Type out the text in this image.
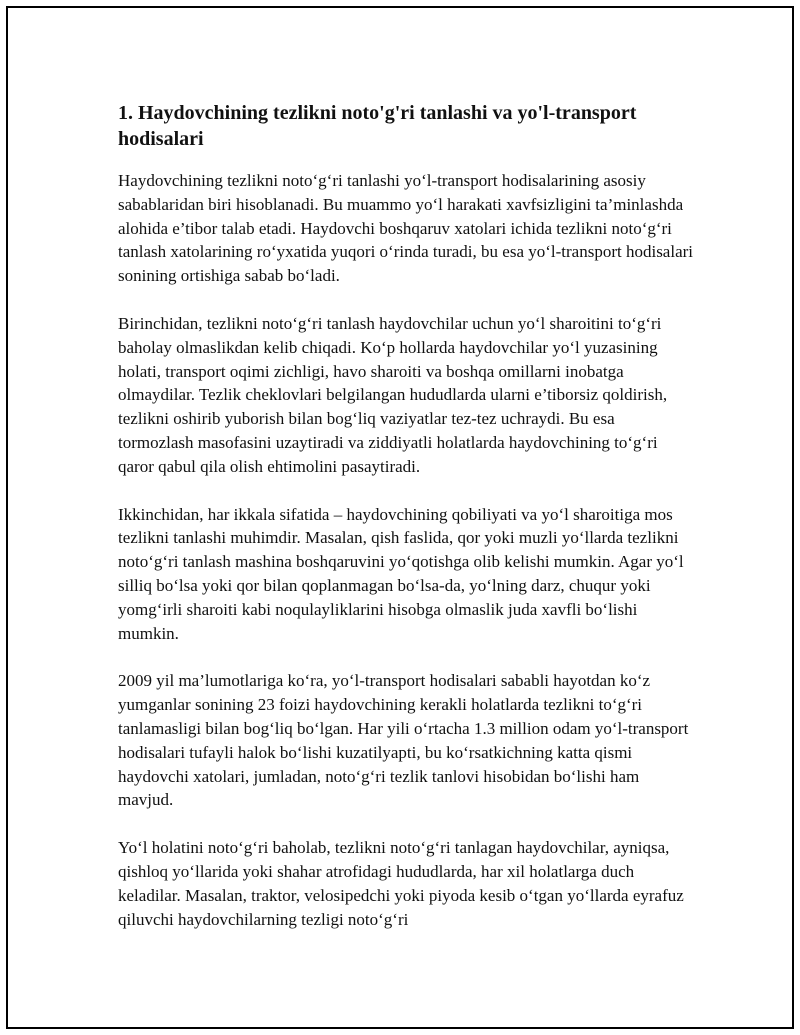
1. Haydovchining tezlikni noto'g'ri tanlashi va yo'l-transport hodisalari

Haydovchining tezlikni noto‘g‘ri tanlashi yo‘l-transport hodisalarining asosiy sabablaridan biri hisoblanadi. Bu muammo yo‘l harakati xavfsizligini ta’minlashda alohida e’tibor talab etadi. Haydovchi boshqaruv xatolari ichida tezlikni noto‘g‘ri tanlash xatolarining ro‘yxatida yuqori o‘rinda turadi, bu esa yo‘l-transport hodisalari sonining ortishiga sabab bo‘ladi.

Birinchidan, tezlikni noto‘g‘ri tanlash haydovchilar uchun yo‘l sharoitini to‘g‘ri baholay olmaslikdan kelib chiqadi. Ko‘p hollarda haydovchilar yo‘l yuzasining holati, transport oqimi zichligi, havo sharoiti va boshqa omillarni inobatga olmaydilar. Tezlik cheklovlari belgilangan hududlarda ularni e’tiborsiz qoldirish, tezlikni oshirib yuborish bilan bog‘liq vaziyatlar tez-tez uchraydi. Bu esa tormozlash masofasini uzaytiradi va ziddiyatli holatlarda haydovchining to‘g‘ri qaror qabul qila olish ehtimolini pasaytiradi.

Ikkinchidan, har ikkala sifatida – haydovchining qobiliyati va yo‘l sharoitiga mos tezlikni tanlashi muhimdir. Masalan, qish faslida, qor yoki muzli yo‘llarda tezlikni noto‘g‘ri tanlash mashina boshqaruvini yo‘qotishga olib kelishi mumkin. Agar yo‘l silliq bo‘lsa yoki qor bilan qoplanmagan bo‘lsa-da, yo‘lning darz, chuqur yoki yomg‘irli sharoiti kabi noqulayliklarini hisobga olmaslik juda xavfli bo‘lishi mumkin.

2009 yil ma’lumotlariga ko‘ra, yo‘l-transport hodisalari sababli hayotdan ko‘z yumganlar sonining 23 foizi haydovchining kerakli holatlarda tezlikni to‘g‘ri tanlamasligi bilan bog‘liq bo‘lgan. Har yili o‘rtacha 1.3 million odam yo‘l-transport hodisalari tufayli halok bo‘lishi kuzatilyapti, bu ko‘rsatkichning katta qismi haydovchi xatolari, jumladan, noto‘g‘ri tezlik tanlovi hisobidan bo‘lishi ham mavjud.

Yo‘l holatini noto‘g‘ri baholab, tezlikni noto‘g‘ri tanlagan haydovchilar, ayniqsa, qishloq yo‘llarida yoki shahar atrofidagi hududlarda, har xil holatlarga duch keladilar. Masalan, traktor, velosipedchi yoki piyoda kesib o‘tgan yo‘llarda eyrafuz qiluvchi haydovchilarning tezligi noto‘g‘ri
